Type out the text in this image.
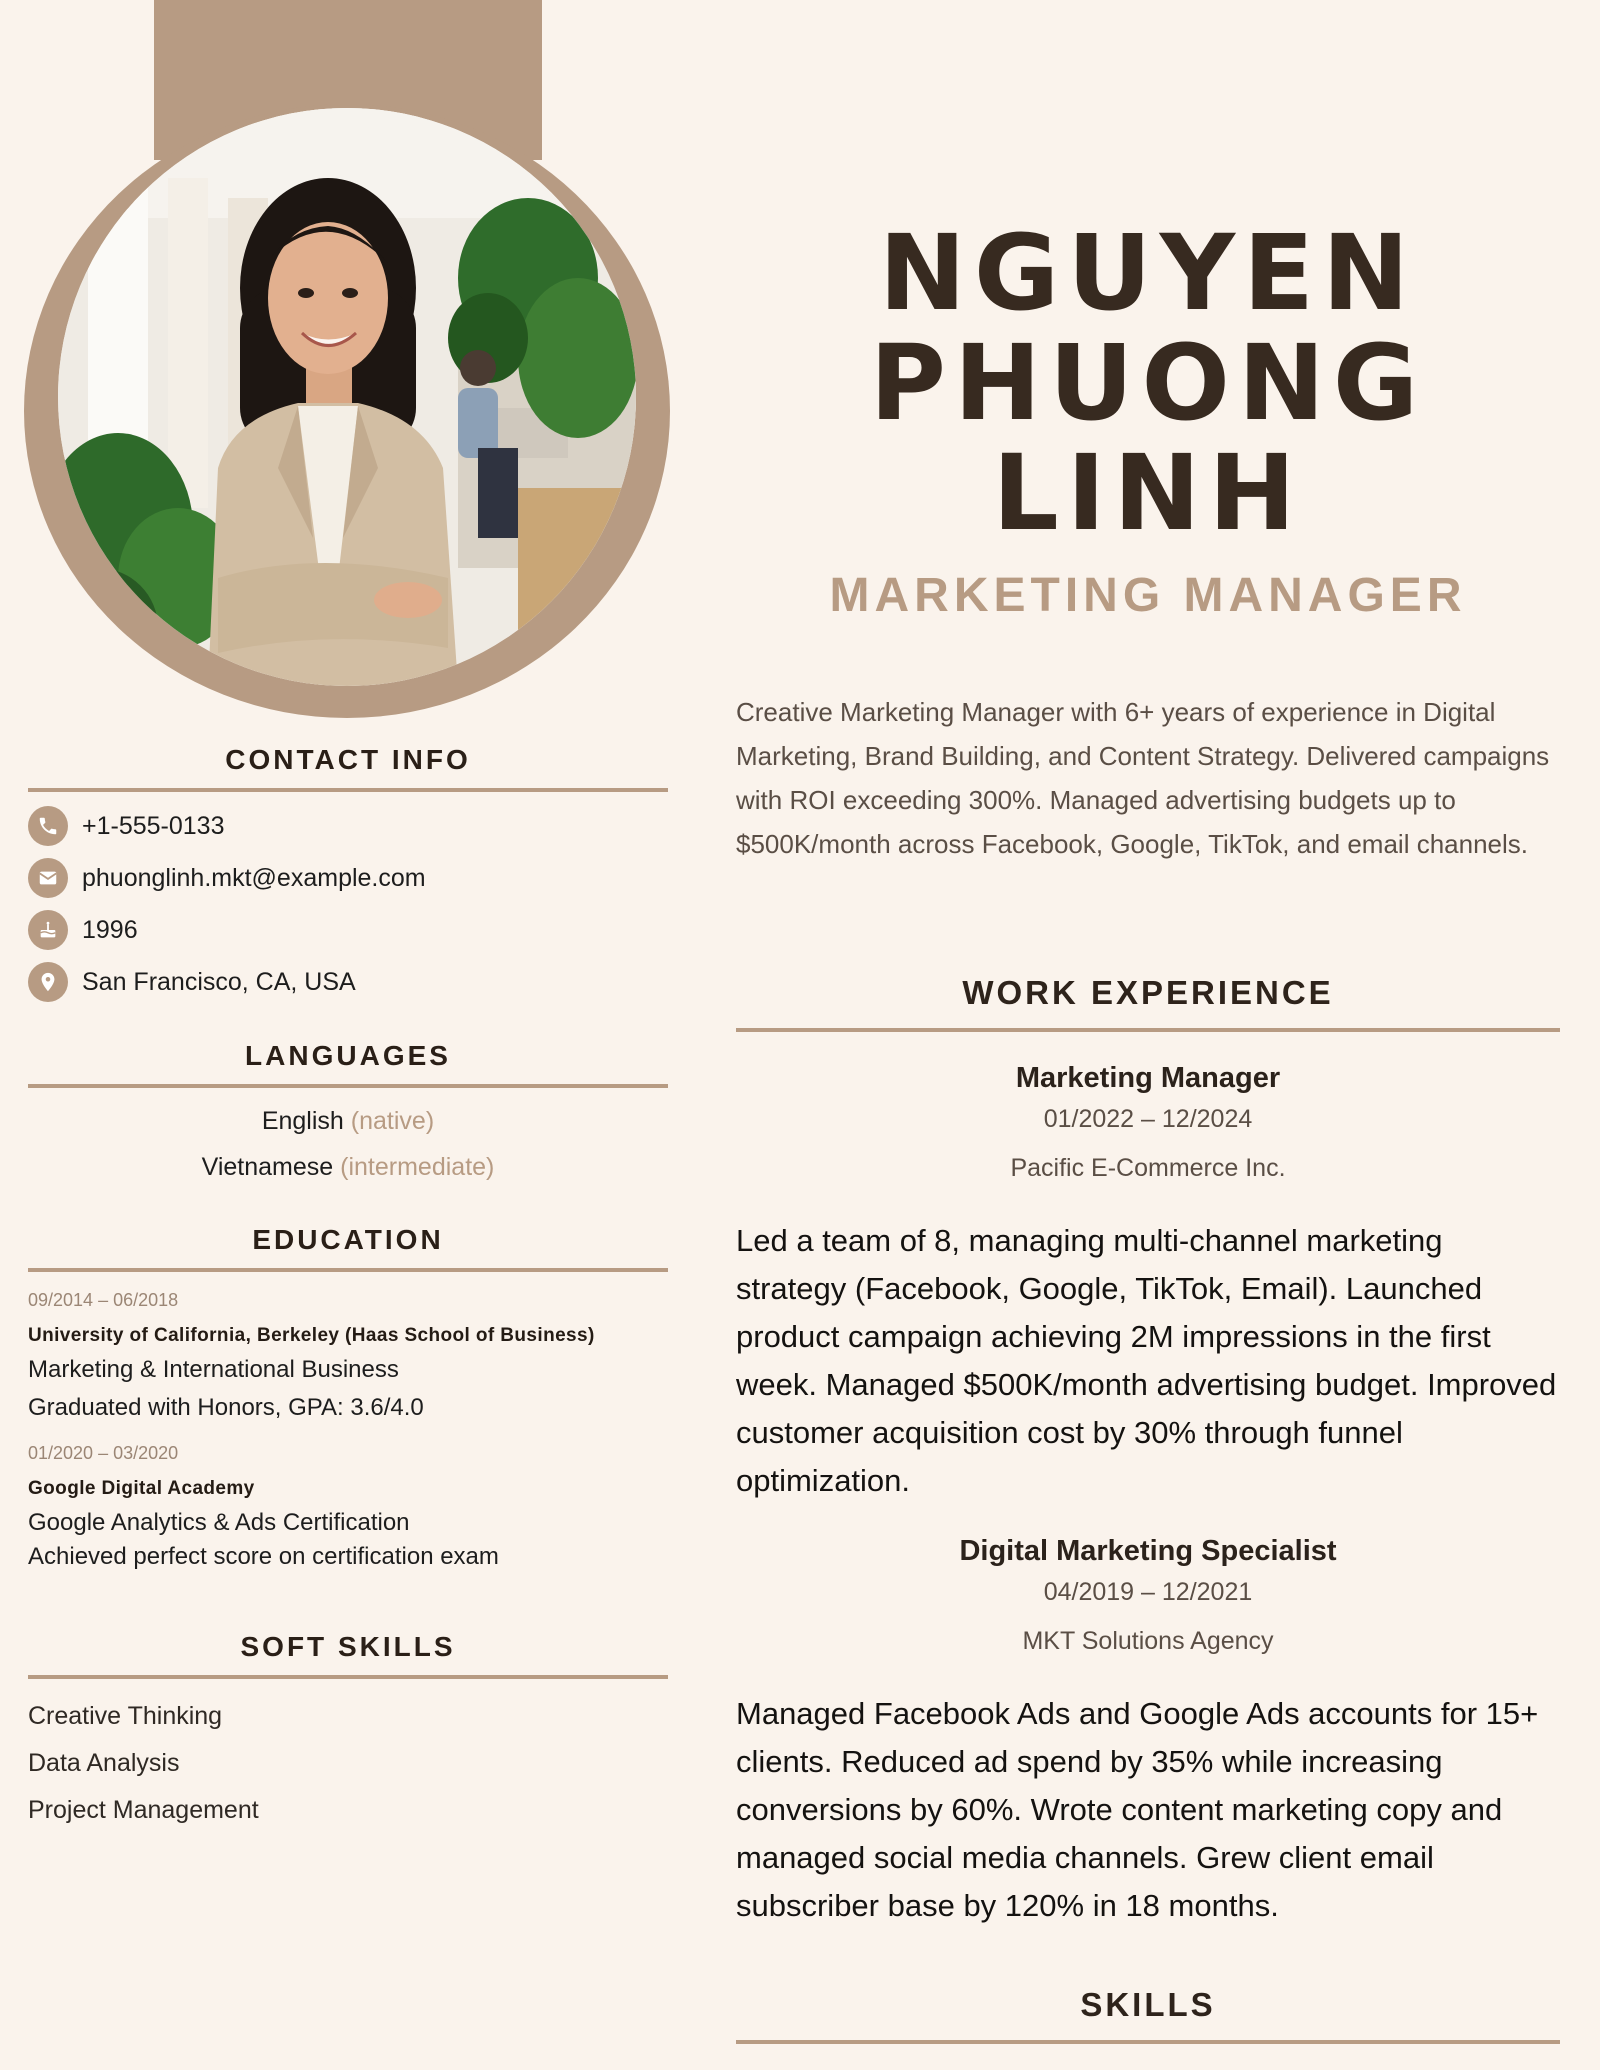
CONTACT INFO
+1-555-0133
phuonglinh.mkt@example.com
1996
San Francisco, CA, USA
LANGUAGES
English (native)
Vietnamese (intermediate)
EDUCATION
09/2014 – 06/2018
University of California, Berkeley (Haas School of Business)
Marketing & International Business
Graduated with Honors, GPA: 3.6/4.0
01/2020 – 03/2020
Google Digital Academy
Google Analytics & Ads Certification
Achieved perfect score on certification exam
SOFT SKILLS
Creative Thinking
Data Analysis
Project Management
NGUYEN
PHUONG
LINH
MARKETING MANAGER
Creative Marketing Manager with 6+ years of experience in Digital Marketing, Brand Building, and Content Strategy. Delivered campaigns with ROI exceeding 300%. Managed advertising budgets up to $500K/month across Facebook, Google, TikTok, and email channels.
WORK EXPERIENCE
Marketing Manager
01/2022 – 12/2024
Pacific E-Commerce Inc.
Led a team of 8, managing multi-channel marketing strategy (Facebook, Google, TikTok, Email). Launched product campaign achieving 2M impressions in the first week. Managed $500K/month advertising budget. Improved customer acquisition cost by 30% through funnel optimization.
Digital Marketing Specialist
04/2019 – 12/2021
MKT Solutions Agency
Managed Facebook Ads and Google Ads accounts for 15+ clients. Reduced ad spend by 35% while increasing conversions by 60%. Wrote content marketing copy and managed social media channels. Grew client email subscriber base by 120% in 18 months.
SKILLS
